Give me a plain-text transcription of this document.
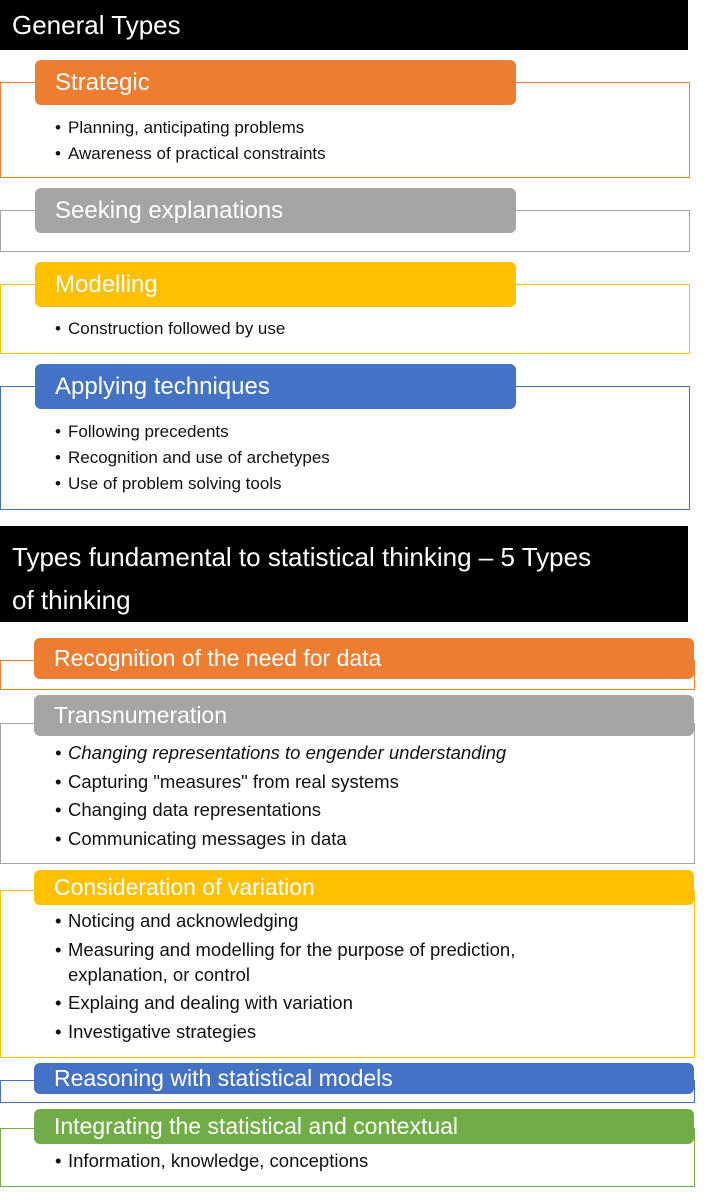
General Types
Strategic
• Planning, anticipating problems
• Awareness of practical constraints
Seeking explanations
Modelling
• Construction followed by use
Applying techniques
• Following precedents
• Recognition and use of archetypes
• Use of problem solving tools
Types fundamental to statistical thinking – 5 Types
of thinking
Recognition of the need for data
Transnumeration
• Changing representations to engender understanding
• Capturing "measures" from real systems
• Changing data representations
• Communicating messages in data
Consideration of variation
• Noticing and acknowledging
• Measuring and modelling for the purpose of prediction,
explanation, or control
• Explaing and dealing with variation
• Investigative strategies
Reasoning with statistical models
Integrating the statistical and contextual
• Information, knowledge, conceptions
